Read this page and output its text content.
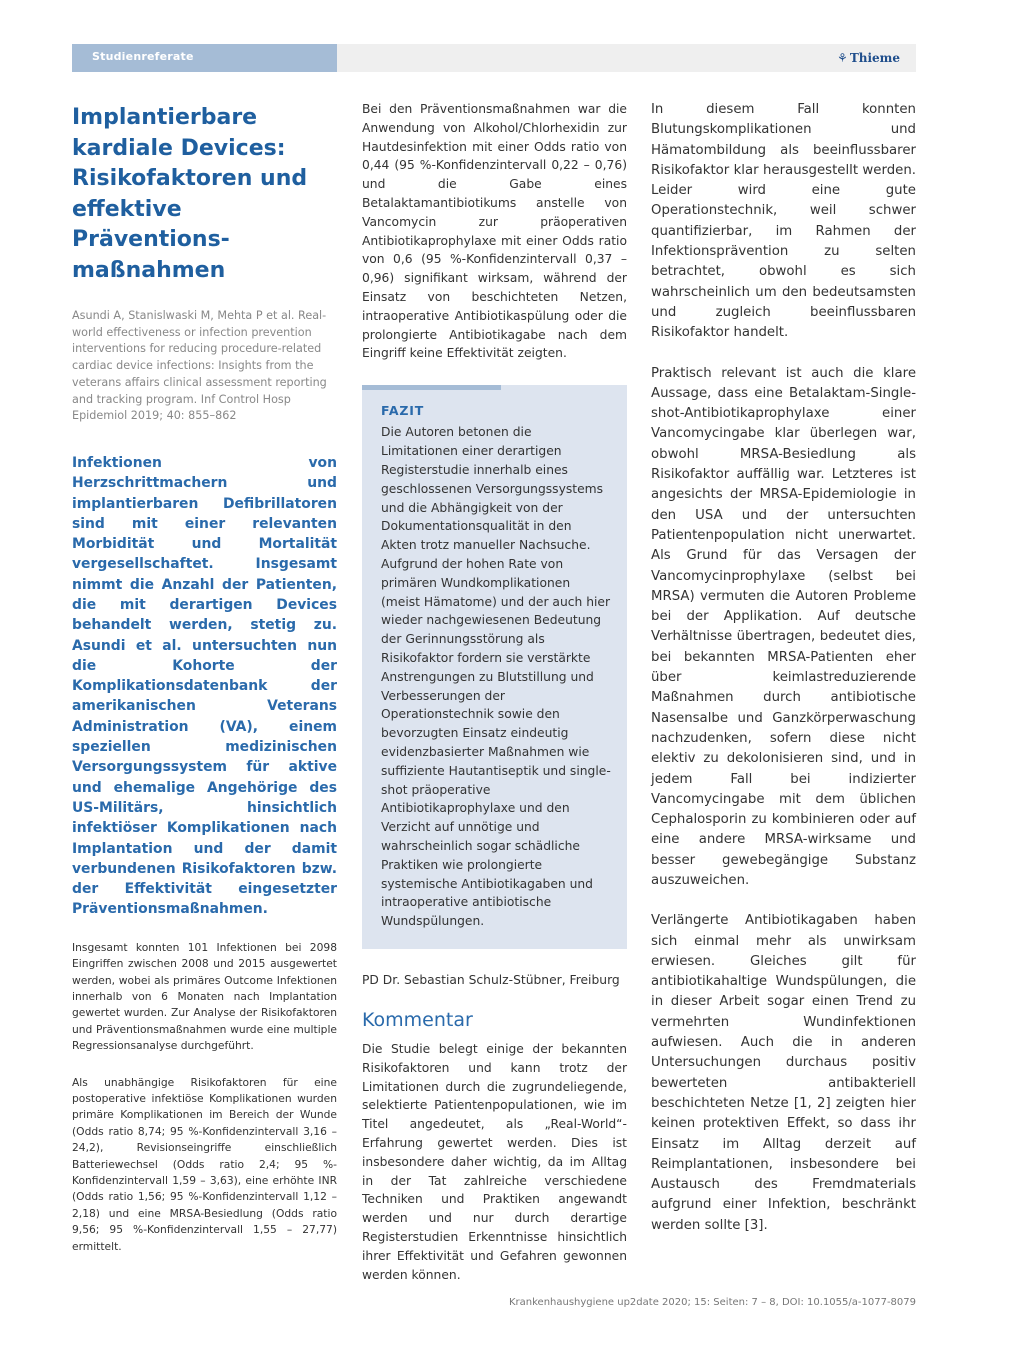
Studienreferate	⚘ Thieme
Implantierbare kardiale Devices: Risikofaktoren und effektive Präventions-maßnahmen
Asundi A, Stanislwaski M, Mehta P et al. Real-world effectiveness or infection prevention interventions for reducing procedure-related cardiac device infections: Insights from the veterans affairs clinical assessment reporting and tracking program. Inf Control Hosp Epidemiol 2019; 40: 855–862
Infektionen von Herzschrittmachern und implantierbaren Defibrillatoren sind mit einer relevanten Morbidität und Mortalität vergesellschaftet. Insgesamt nimmt die Anzahl der Patienten, die mit derartigen Devices behandelt werden, stetig zu. Asundi et al. untersuchten nun die Kohorte der Komplikationsdatenbank der amerikanischen Veterans Administration (VA), einem speziellen medizinischen Versorgungssystem für aktive und ehemalige Angehörige des US-Militärs, hinsichtlich infektiöser Komplikationen nach Implantation und der damit verbundenen Risikofaktoren bzw. der Effektivität eingesetzter Präventionsmaßnahmen.

Insgesamt konnten 101 Infektionen bei 2098 Eingriffen zwischen 2008 und 2015 ausgewertet werden, wobei als primäres Outcome Infektionen innerhalb von 6 Monaten nach Implantation gewertet wurden. Zur Analyse der Risikofaktoren und Präventionsmaßnahmen wurde eine multiple Regressionsanalyse durchgeführt.

Als unabhängige Risikofaktoren für eine postoperative infektiöse Komplikationen wurden primäre Komplikationen im Bereich der Wunde (Odds ratio 8,74; 95 %-Konfidenzintervall 3,16 – 24,2), Revisionseingriffe einschließlich Batteriewechsel (Odds ratio 2,4; 95 %-Konfidenzintervall 1,59 – 3,63), eine erhöhte INR (Odds ratio 1,56; 95 %-Konfidenzintervall 1,12 – 2,18) und eine MRSA-Besiedlung (Odds ratio 9,56; 95 %-Konfidenzintervall 1,55 – 27,77) ermittelt.

Bei den Präventionsmaßnahmen war die Anwendung von Alkohol/Chlorhexidin zur Hautdesinfektion mit einer Odds ratio von 0,44 (95 %-Konfidenzintervall 0,22 – 0,76) und die Gabe eines Betalaktamantibiotikums anstelle von Vancomycin zur präoperativen Antibiotikaprophylaxe mit einer Odds ratio von 0,6 (95 %-Konfidenzintervall 0,37 – 0,96) signifikant wirksam, während der Einsatz von beschichteten Netzen, intraoperative Antibiotikaspülung oder die prolongierte Antibiotikagabe nach dem Eingriff keine Effektivität zeigten.

FAZIT
Die Autoren betonen die Limitationen einer derartigen Registerstudie innerhalb eines geschlossenen Versorgungssystems und die Abhängigkeit von der Dokumentationsqualität in den Akten trotz manueller Nachsuche. Aufgrund der hohen Rate von primären Wundkomplikationen (meist Hämatome) und der auch hier wieder nachgewiesenen Bedeutung der Gerinnungsstörung als Risikofaktor fordern sie verstärkte Anstrengungen zu Blutstillung und Verbesserungen der Operationstechnik sowie den bevorzugten Einsatz eindeutig evidenzbasierter Maßnahmen wie suffiziente Hautantiseptik und single-shot präoperative Antibiotikaprophylaxe und den Verzicht auf unnötige und wahrscheinlich sogar schädliche Praktiken wie prolongierte systemische Antibiotikagaben und intraoperative antibiotische Wundspülungen.

PD Dr. Sebastian Schulz-Stübner, Freiburg

Kommentar

Die Studie belegt einige der bekannten Risikofaktoren und kann trotz der Limitationen durch die zugrundeliegende, selektierte Patientenpopulationen, wie im Titel angedeutet, als „Real-World“-Erfahrung gewertet werden. Dies ist insbesondere daher wichtig, da im Alltag in der Tat zahlreiche verschiedene Techniken und Praktiken angewandt werden und nur durch derartige Registerstudien Erkenntnisse hinsichtlich ihrer Effektivität und Gefahren gewonnen werden können.

In diesem Fall konnten Blutungskomplikationen und Hämatombildung als beeinflussbarer Risikofaktor klar herausgestellt werden. Leider wird eine gute Operationstechnik, weil schwer quantifizierbar, im Rahmen der Infektionsprävention zu selten betrachtet, obwohl es sich wahrscheinlich um den bedeutsamsten und zugleich beeinflussbaren Risikofaktor handelt.

Praktisch relevant ist auch die klare Aussage, dass eine Betalaktam-Single-shot-Antibiotikaprophylaxe einer Vancomycingabe klar überlegen war, obwohl MRSA-Besiedlung als Risikofaktor auffällig war. Letzteres ist angesichts der MRSA-Epidemiologie in den USA und der untersuchten Patientenpopulation nicht unerwartet. Als Grund für das Versagen der Vancomycinprophylaxe (selbst bei MRSA) vermuten die Autoren Probleme bei der Applikation. Auf deutsche Verhältnisse übertragen, bedeutet dies, bei bekannten MRSA-Patienten eher über keimlastreduzierende Maßnahmen durch antibiotische Nasensalbe und Ganzkörperwaschung nachzudenken, sofern diese nicht elektiv zu dekolonisieren sind, und in jedem Fall bei indizierter Vancomycingabe mit dem üblichen Cephalosporin zu kombinieren oder auf eine andere MRSA-wirksame und besser gewebegängige Substanz auszuweichen.

Verlängerte Antibiotikagaben haben sich einmal mehr als unwirksam erwiesen. Gleiches gilt für antibiotikahaltige Wundspülungen, die in dieser Arbeit sogar einen Trend zu vermehrten Wundinfektionen aufwiesen. Auch die in anderen Untersuchungen durchaus positiv bewerteten antibakteriell beschichteten Netze [1, 2] zeigten hier keinen protektiven Effekt, so dass ihr Einsatz im Alltag derzeit auf Reimplantationen, insbesondere bei Austausch des Fremdmaterials aufgrund einer Infektion, beschränkt werden sollte [3].

Krankenhaushygiene up2date 2020; 15: Seiten: 7 – 8, DOI: 10.1055/a-1077-8079
